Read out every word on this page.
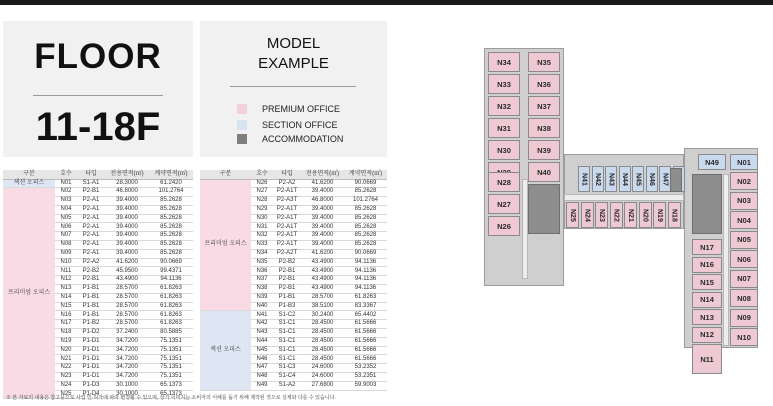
FLOOR
11-18F
MODEL
EXAMPLE
PREMIUM OFFICE
SECTION OFFICE
ACCOMMODATION
구분	호수	타입	전용면적(㎡)	계약면적(㎡)
섹션 오피스	N01	S1-A1	28.3000	61.2420
프리미엄 오피스	N02	P2-B1	46.8000	101.2764
	N03	P2-A1	39.4000	85.2628
	N04	P2-A1	39.4000	85.2628
	N05	P2-A1	39.4000	85.2628
	N06	P2-A1	39.4000	85.2628
	N07	P2-A1	39.4000	85.2628
	N08	P2-A1	39.4000	85.2628
	N09	P2-A1	39.4000	85.2628
	N10	P2-A2	41.6200	90.0669
	N11	P2-B2	45.9500	99.4371
	N12	P2-B1	43.4900	94.1136
	N13	P1-B1	28.5700	61.8263
	N14	P1-B1	28.5700	61.8263
	N15	P1-B1	28.5700	61.8263
	N16	P1-B1	28.5700	61.8263
	N17	P1-B2	28.5700	61.8263
	N18	P1-D2	37.2400	80.5885
	N19	P1-D1	34.7200	75.1351
	N20	P1-D1	34.7200	75.1351
	N21	P1-D1	34.7200	75.1351
	N22	P1-D1	34.7200	75.1351
	N23	P1-D1	34.7200	75.1351
	N24	P1-D3	30.1000	65.1373
	N25	P1-D4	30.1000	65.1373
구분	호수	타입	전용면적(㎡)	계약면적(㎡)
프리미엄 오피스	N26	P2-A2	41.6200	90.0669
	N27	P2-A1T	39.4000	85.2628
	N28	P2-A3T	46.8000	101.2764
	N29	P2-A1T	39.4000	85.2628
	N30	P2-A1T	39.4000	85.2628
	N31	P2-A1T	39.4000	85.2628
	N32	P2-A1T	39.4000	85.2628
	N33	P2-A1T	39.4000	85.2628
	N34	P2-A2T	41.6200	90.0669
	N35	P2-B2	43.4900	94.1136
	N36	P2-B1	43.4900	94.1136
	N37	P2-B1	43.4900	94.1136
	N38	P2-B1	43.4900	94.1136
	N39	P1-B1	28.5700	61.8263
	N40	P1-B3	38.5100	83.3367
섹션 오피스	N41	S1-C2	30.2400	65.4402
	N42	S1-C1	28.4500	61.5666
	N43	S1-C1	28.4500	61.5666
	N44	S1-C1	28.4500	61.5666
	N45	S1-C1	28.4500	61.5666
	N46	S1-C1	28.4500	61.5666
	N47	S1-C3	24.6000	53.2352
	N48	S1-C4	24.6000	53.2351
	N49	S1-A2	27.6800	59.9003
※ 본 자료의 내용은 참고용으로 사업 인·허가에 따라 변경될 수 있으며, 상기 이미지는 소비자의 이해를 돕기 위해 제작된 것으로 실제와 다를 수 있습니다.
N34	N35
N33	N36
N32	N37
N31	N38
N30	N39
N40
N28
N27
N26
N41 N42 N43 N44 N45 N46 N47
N25	N24	N23	N22	N21	N20	N19	N18
N49	N01
N02
N03
N04
N05
N06
N07
N08
N09
N10
N17
N16
N15
N14
N13
N12
N11
